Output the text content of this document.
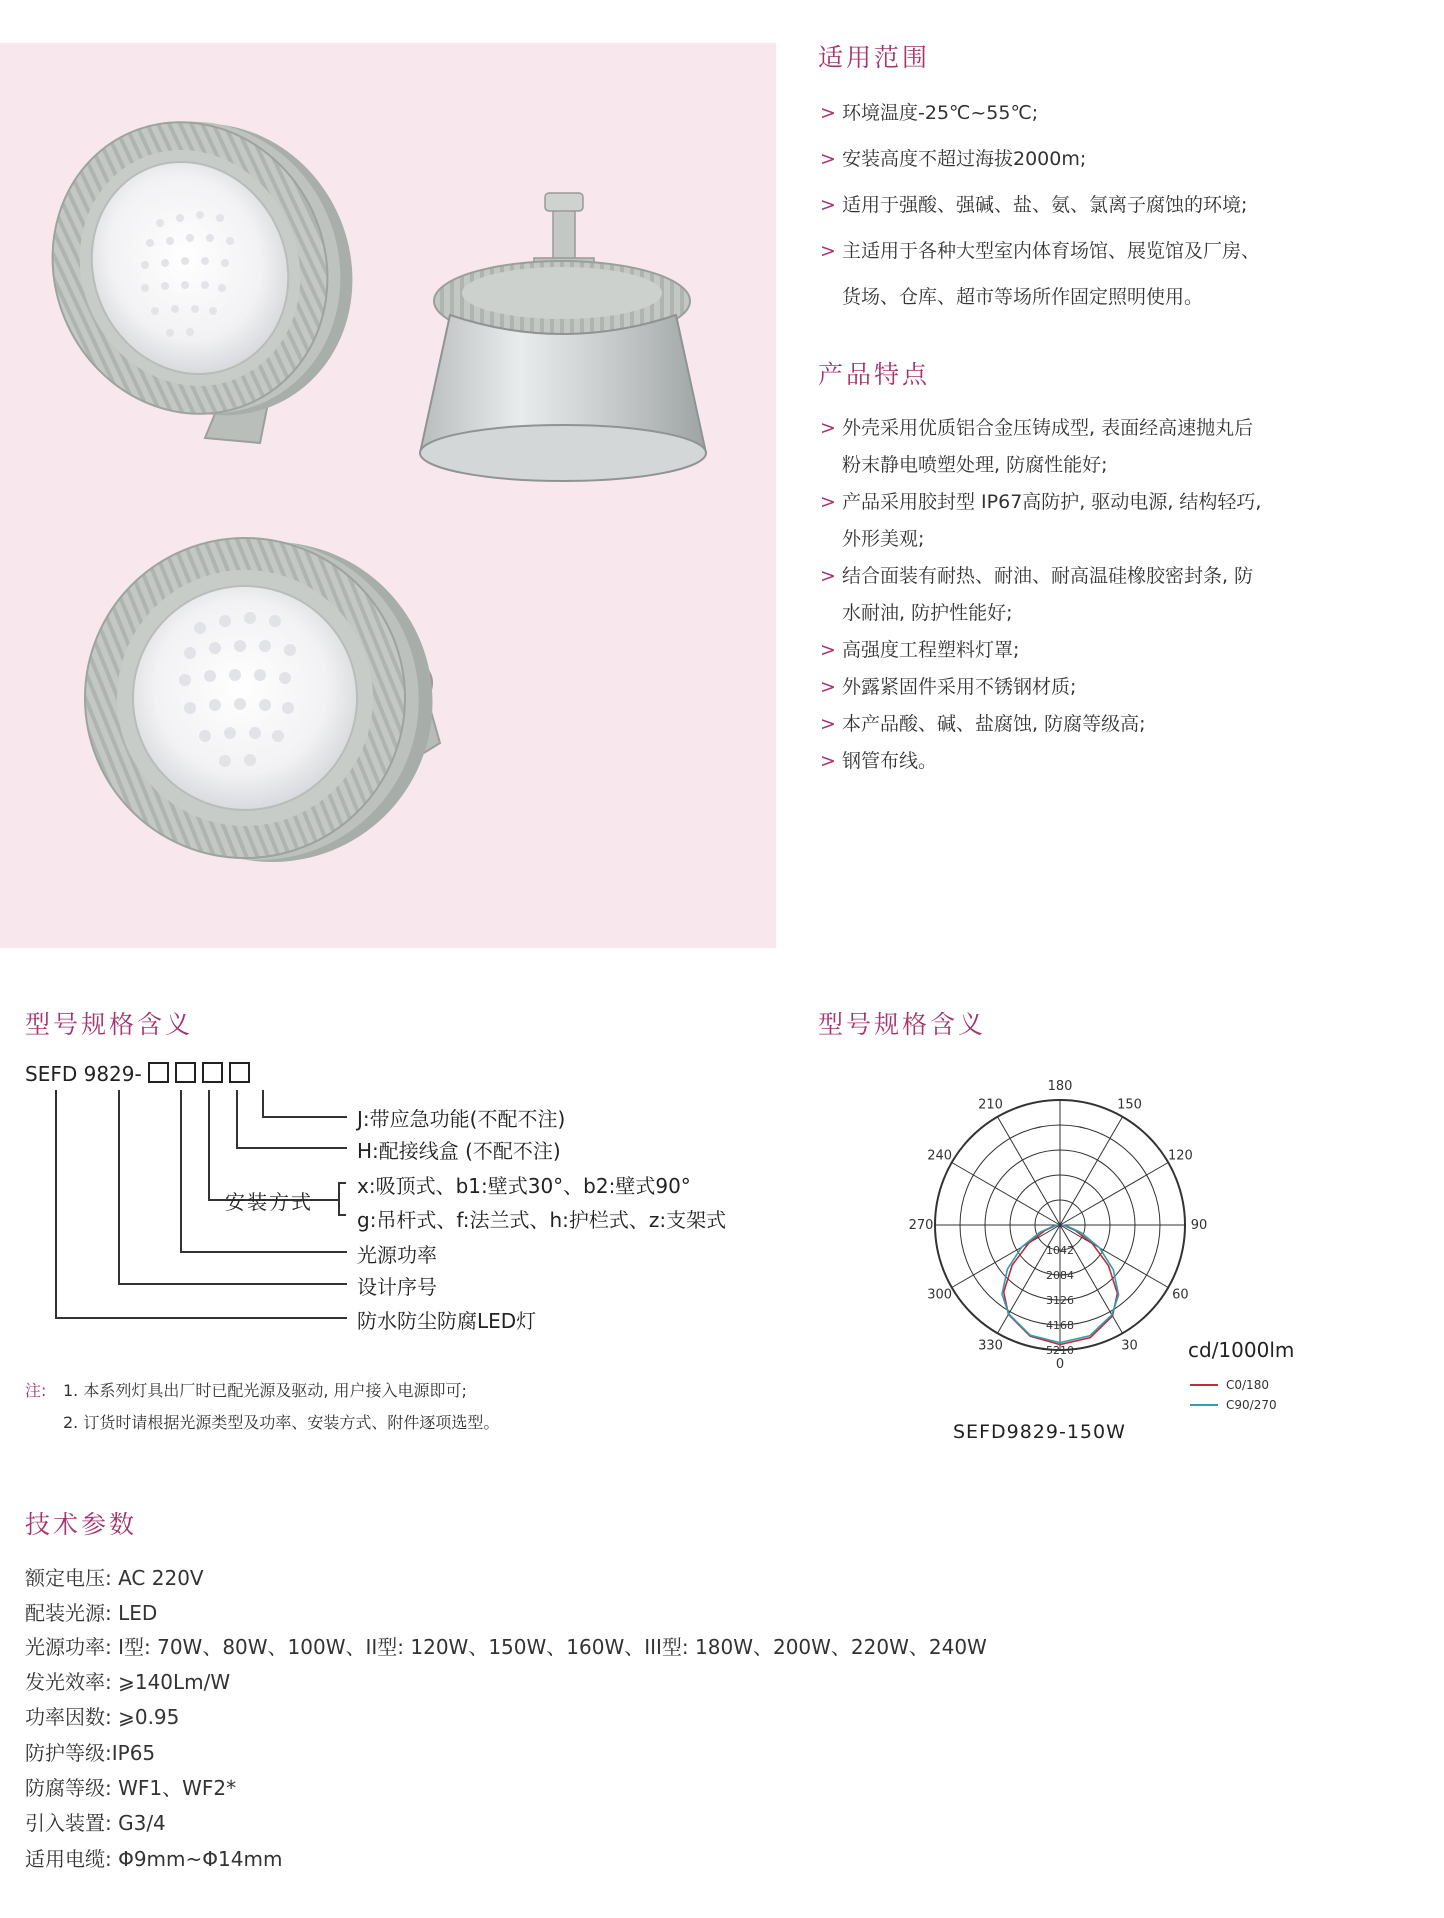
适用范围
> 环境温度-25℃~55℃;
> 安装高度不超过海拔2000m;
> 适用于强酸、强碱、盐、氨、氯离子腐蚀的环境;
> 主适用于各种大型室内体育场馆、展览馆及厂房、
货场、仓库、超市等场所作固定照明使用。
产品特点
> 外壳采用优质铝合金压铸成型, 表面经高速抛丸后
粉末静电喷塑处理, 防腐性能好;
> 产品采用胶封型 IP67高防护, 驱动电源, 结构轻巧,
外形美观;
> 结合面装有耐热、耐油、耐高温硅橡胶密封条, 防
水耐油, 防护性能好;
> 高强度工程塑料灯罩;
> 外露紧固件采用不锈钢材质;
> 本产品酸、碱、盐腐蚀, 防腐等级高;
> 钢管布线。
型号规格含义
SEFD 9829-
J:带应急功能(不配不注)
H:配接线盒 (不配不注)
安装方式
x:吸顶式、b1:壁式30°、b2:壁式90°
g:吊杆式、f:法兰式、h:护栏式、z:支架式
光源功率
设计序号
防水防尘防腐LED灯
注: 1. 本系列灯具出厂时已配光源及驱动, 用户接入电源即可;
2. 订货时请根据光源类型及功率、安装方式、附件逐项选型。
型号规格含义
180
210	150
240	120
270	90
300	60
330	30
0
1042
2084
3126
4168
5210	cd/1000lm
C0/180
C90/270
SEFD9829-150W
技术参数
额定电压: AC 220V
配装光源: LED
光源功率: I型: 70W、80W、100W、II型: 120W、150W、160W、III型: 180W、200W、220W、240W
发光效率: ⩾140Lm/W
功率因数: ⩾0.95
防护等级:IP65
防腐等级: WF1、WF2*
引入装置: G3/4
适用电缆: Φ9mm~Φ14mm
